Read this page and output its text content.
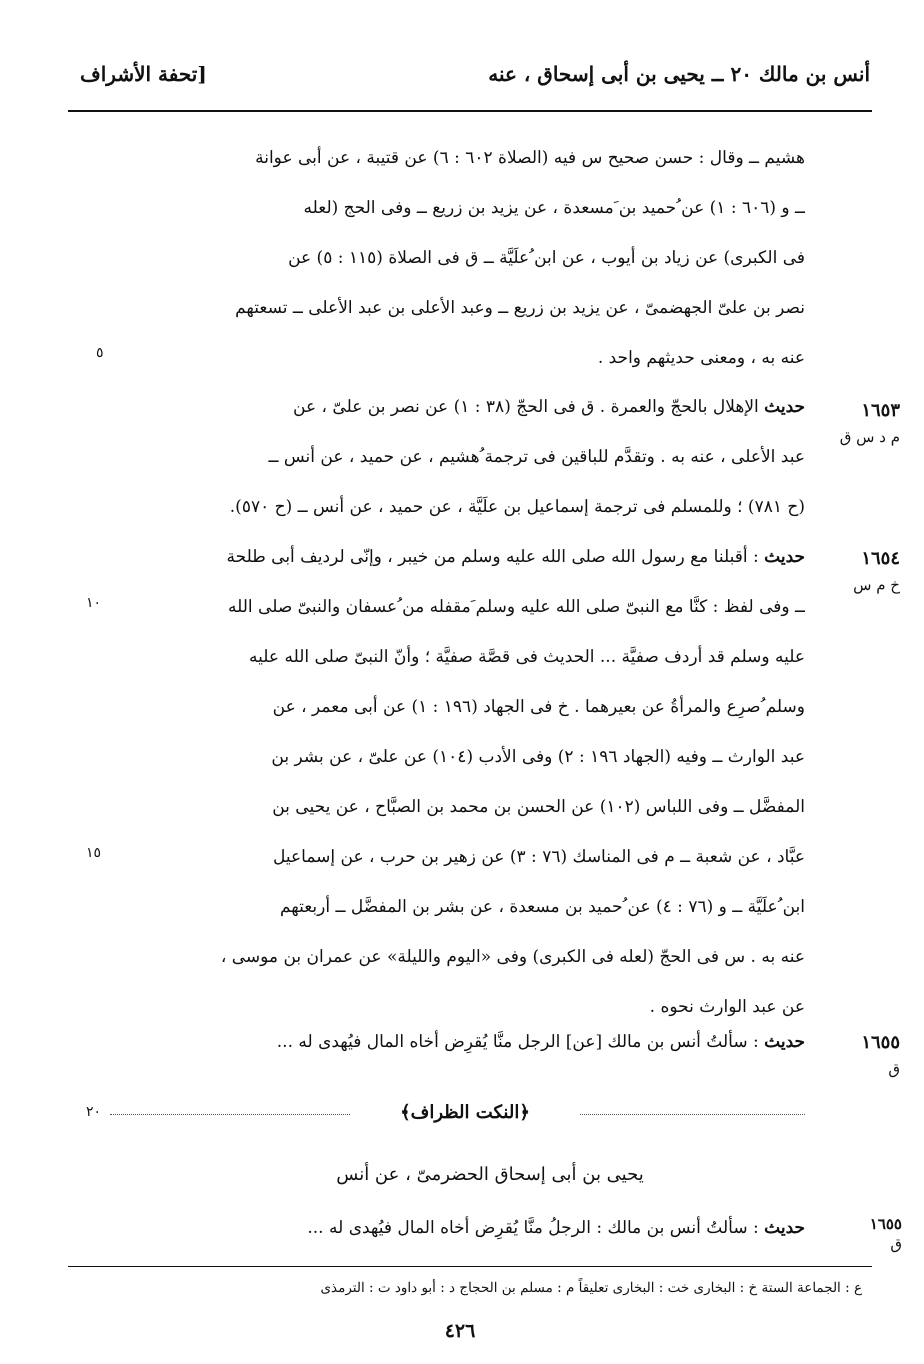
أنس بن مالك ٢٠ ــ يحيى بن أبى إسحاق ، عنه
[تحفة الأشراف
ُهشيم ــ وقال : حسن صحيح س فيه (الصلاة ٦٠٢ : ٦) عن قتيبة ، عن أبى عوانة
ــ و (٦٠٦ : ١) عن ُحميد بن َمسعدة ، عن يزيد بن زريع ــ وفى الحج (لعله
فى الكبرى) عن زياد بن أيوب ، عن ابن ُعلَيَّة ــ ق فى الصلاة (١١٥ : ٥) عن
نصر بن علىّ الجهضمىّ ، عن يزيد بن زريع ــ وعبد الأعلى بن عبد الأعلى ــ تسعتهم
عنه به ، ومعنى حديثهم واحد .
٥
١٦٥٣
م د س ق
حديث الإهلال بالحجّ والعمرة . ق فى الحجّ (٣٨ : ١) عن نصر بن علىّ ، عن
عبد الأعلى ، عنه به . وتقدَّم للباقين فى ترجمة ُهشيم ، عن حميد ، عن أنس ــ
(ح ٧٨١) ؛ وللمسلم فى ترجمة إسماعيل بن علَيَّة ، عن حميد ، عن أنس ــ (ح ٥٧٠).
١٦٥٤
خ م س
حديث : أقبلنا مع رسول الله صلى الله عليه وسلم من خيبر ، وإنّى لرديف أبى طلحة
ــ وفى لفظ : كنَّا مع النبىّ صلى الله عليه وسلم َمقفله من ُعسفان والنبىّ صلى الله
عليه وسلم قد أردف صفيَّة ... الحديث فى قصَّة صفيَّة ؛ وأنّ النبىّ صلى الله عليه
وسلم ُصرِع والمرأةُ عن بعيرهما . خ فى الجهاد (١٩٦ : ١) عن أبى معمر ، عن
عبد الوارث ــ وفيه (الجهاد ١٩٦ : ٢) وفى الأدب (١٠٤) عن علىّ ، عن بشر بن
المفضَّل ــ وفى اللباس (١٠٢) عن الحسن بن محمد بن الصبَّاح ، عن يحيى بن
عبَّاد ، عن شعبة ــ م فى المناسك (٧٦ : ٣) عن زهير بن حرب ، عن إسماعيل
ابن ُعلَيَّة ــ و (٧٦ : ٤) عن ُحميد بن مسعدة ، عن بشر بن المفضَّل ــ أربعتهم
عنه به . س فى الحجّ (لعله فى الكبرى) وفى «اليوم والليلة» عن عمران بن موسى ،
عن عبد الوارث نحوه .
١٠
١٥
١٦٥٥
ق
حديث : سألتُ أنس بن مالك [عن] الرجل منَّا يُقرِض أخاه المال فيُهدى له ...
٢٠	﴿النكت الظراف﴾
يحيى بن أبى إسحاق الحضرمىّ ، عن أنس
١٦٥٥
ق
حديث : سألتُ أنس بن مالك : الرجلُ منَّا يُقرِض أخاه المال فيُهدى له ...
ع : الجماعة الستة خ : البخارى خت : البخارى تعليقاً م : مسلم بن الحجاج د : أبو داود ت : الترمذى
٤٢٦
